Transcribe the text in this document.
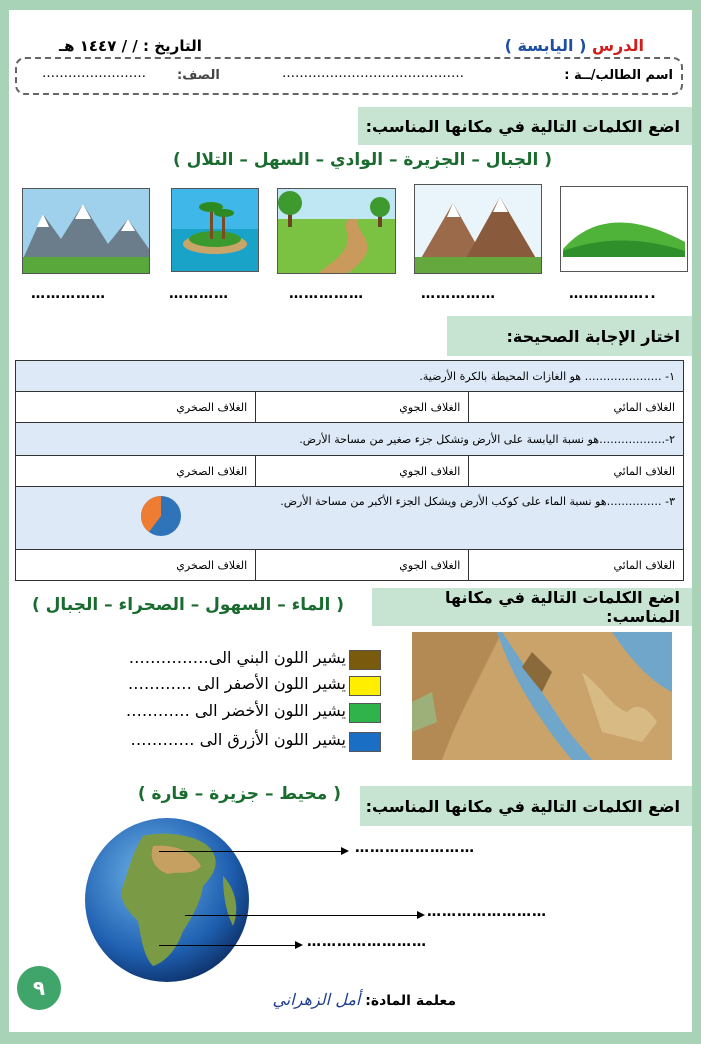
الدرس ( اليابسة )
التاريخ : / / ١٤٤٧ هـ
اسم الطالب/ــة :
……………………………………
الصف:
……………………
اضع الكلمات التالية في مكانها المناسب:
( الجبال – الجزيرة – الوادي – السهل – التلال )
……………	…………	……………	……………	……………..
اختار الإجابة الصحيحة:
١- ………………… هو الغازات المحيطة بالكرة الأرضية.		
الغلاف الصخري	الغلاف الجوي	الغلاف المائي
٢-………………هو نسبة اليابسة على الأرض وتشكل جزء صغير من مساحة الأرض.		
الغلاف الصخري	الغلاف الجوي	الغلاف المائي
٣- ……………هو نسبة الماء على كوكب الأرض ويشكل الجزء الأكبر من مساحة الأرض.		
الغلاف الصخري	الغلاف الجوي	الغلاف المائي
اضع الكلمات التالية في مكانها المناسب:
( الماء – السهول – الصحراء – الجبال )
يشير اللون البني الى……………
يشير اللون الأصفر الى …………
يشير اللون الأخضر الى …………
يشير اللون الأزرق الى …………
اضع الكلمات التالية في مكانها المناسب:
( محيط – جزيرة – قارة )
……………………
……………………
……………………
معلمة المادة: أمل الزهراني
٩
